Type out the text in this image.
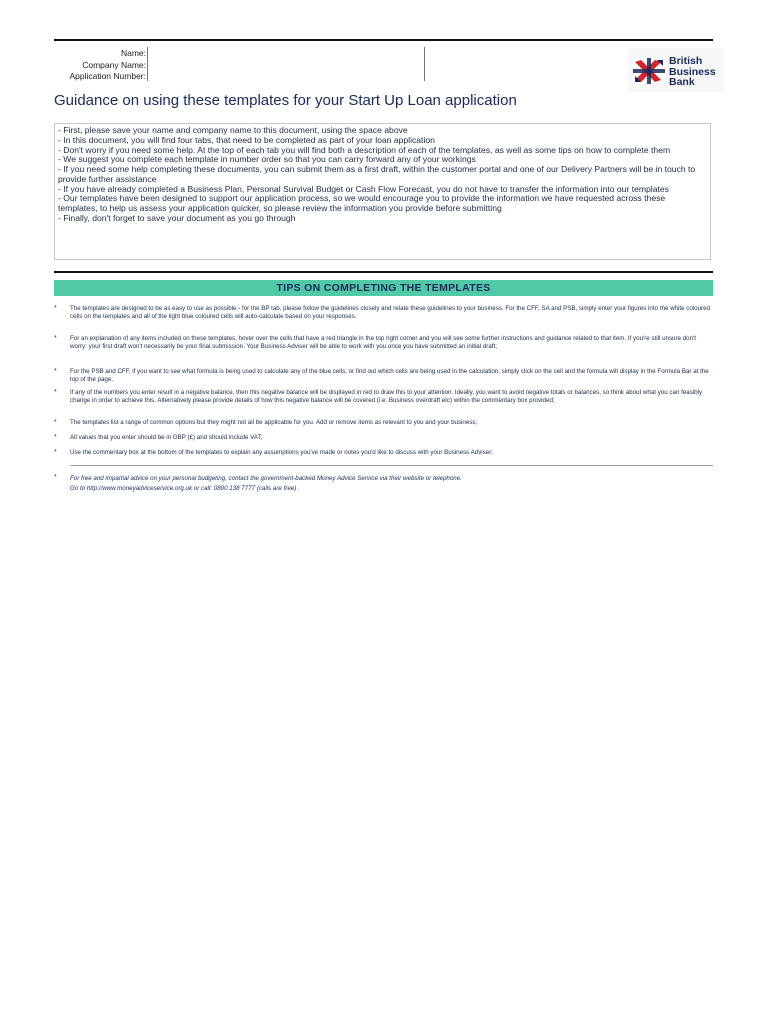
Name:
Company Name:
Application Number:
British
Business
Bank
Guidance on using these templates for your Start Up Loan application
- First, please save your name and company name to this document, using the space above
- In this document, you will find four tabs, that need to be completed as part of your loan application
- Don't worry if you need some help. At the top of each tab you will find both a description of each of the templates, as well as some tips on how to complete them
- We suggest you complete each template in number order so that you can carry forward any of your workings
- If you need some help completing these documents, you can submit them as a first draft, within the customer portal and one of our Delivery Partners will be in touch to provide further assistance
- If you have already completed a Business Plan, Personal Survival Budget or Cash Flow Forecast, you do not have to transfer the information into our templates
- Our templates have been designed to support our application process, so we would encourage you to provide the information we have requested across these templates, to help us assess your application quicker, so please review the information you provide before submitting
- Finally, don't forget to save your document as you go through
TIPS ON COMPLETING THE TEMPLATES
* The templates are designed to be as easy to use as possible - for the BP tab, please follow the guidelines closely and relate these guidelines to your business. For the CFF, SA and PSB, simply enter your figures into the white coloured cells on the templates and all of the light blue coloured cells will auto-calculate based on your responses.
* For an explanation of any items included on these templates, hover over the cells that have a red triangle in the top right corner and you will see some further instructions and guidance related to that item. If you're still unsure don't worry: your first draft won't necessarily be your final submission. Your Business Adviser will be able to work with you once you have submitted an initial draft;
* For the PSB and CFF, if you want to see what formula is being used to calculate any of the blue cells, or find out which cells are being used in the calculation, simply click on the cell and the formula will display in the Formula Bar at the top of the page;
* If any of the numbers you enter result in a negative balance, then this negative balance will be displayed in red to draw this to your attention. Ideally, you want to avoid negative totals or balances, so think about what you can feasibly change in order to achieve this. Alternatively please provide details of how this negative balance will be covered (i.e. Business overdraft etc) within the commentary box provided;
* The templates list a range of common options but they might not all be applicable for you. Add or remove items as relevant to you and your business;
* All values that you enter should be in GBP (£) and should include VAT;
* Use the commentary box at the bottom of the templates to explain any assumptions you've made or notes you'd like to discuss with your Business Adviser;
* For free and impartial advice on your personal budgeting, contact the government-backed Money Advice Service via their website or telephone.
Go to http://www.moneyadviceservice.org.uk or call: 0800 138 7777 (calls are free) .
